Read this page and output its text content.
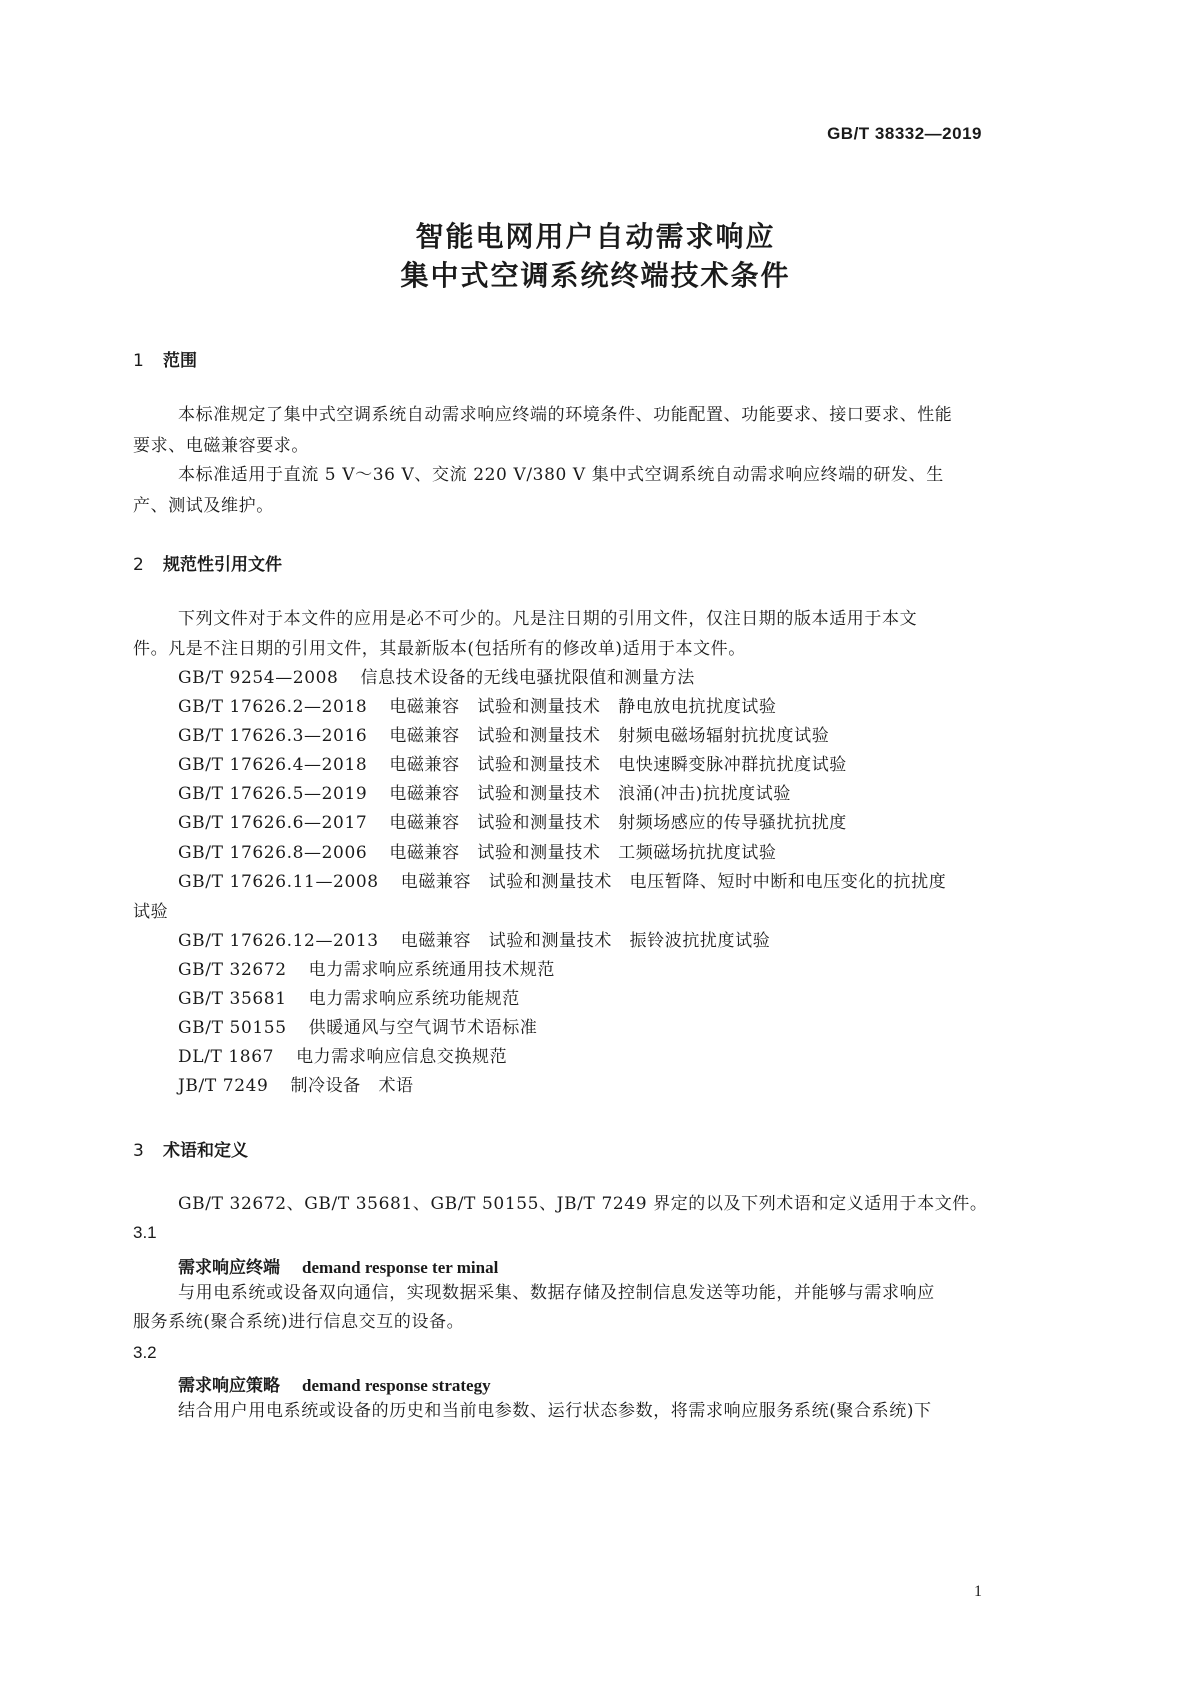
GB/T 38332—2019
智能电网用户自动需求响应
集中式空调系统终端技术条件
1 范围
本标准规定了集中式空调系统自动需求响应终端的环境条件、功能配置、功能要求、接口要求、性能
要求、电磁兼容要求。
本标准适用于直流 5 V～36 V、交流 220 V/380 V 集中式空调系统自动需求响应终端的研发、生
产、测试及维护。
2 规范性引用文件
下列文件对于本文件的应用是必不可少的。凡是注日期的引用文件，仅注日期的版本适用于本文
件。凡是不注日期的引用文件，其最新版本(包括所有的修改单)适用于本文件。
GB/T 9254—2008 信息技术设备的无线电骚扰限值和测量方法
GB/T 17626.2—2018 电磁兼容　试验和测量技术　静电放电抗扰度试验
GB/T 17626.3—2016 电磁兼容　试验和测量技术　射频电磁场辐射抗扰度试验
GB/T 17626.4—2018 电磁兼容　试验和测量技术　电快速瞬变脉冲群抗扰度试验
GB/T 17626.5—2019 电磁兼容　试验和测量技术　浪涌(冲击)抗扰度试验
GB/T 17626.6—2017 电磁兼容　试验和测量技术　射频场感应的传导骚扰抗扰度
GB/T 17626.8—2006 电磁兼容　试验和测量技术　工频磁场抗扰度试验
GB/T 17626.11—2008 电磁兼容　试验和测量技术　电压暂降、短时中断和电压变化的抗扰度
试验
GB/T 17626.12—2013 电磁兼容　试验和测量技术　振铃波抗扰度试验
GB/T 32672 电力需求响应系统通用技术规范
GB/T 35681 电力需求响应系统功能规范
GB/T 50155 供暖通风与空气调节术语标准
DL/T 1867 电力需求响应信息交换规范
JB/T 7249 制冷设备　术语
3 术语和定义
GB/T 32672、GB/T 35681、GB/T 50155、JB/T 7249 界定的以及下列术语和定义适用于本文件。
3.1
需求响应终端 demand response ter minal
与用电系统或设备双向通信，实现数据采集、数据存储及控制信息发送等功能，并能够与需求响应
服务系统(聚合系统)进行信息交互的设备。
3.2
需求响应策略 demand response strategy
结合用户用电系统或设备的历史和当前电参数、运行状态参数，将需求响应服务系统(聚合系统)下
1
